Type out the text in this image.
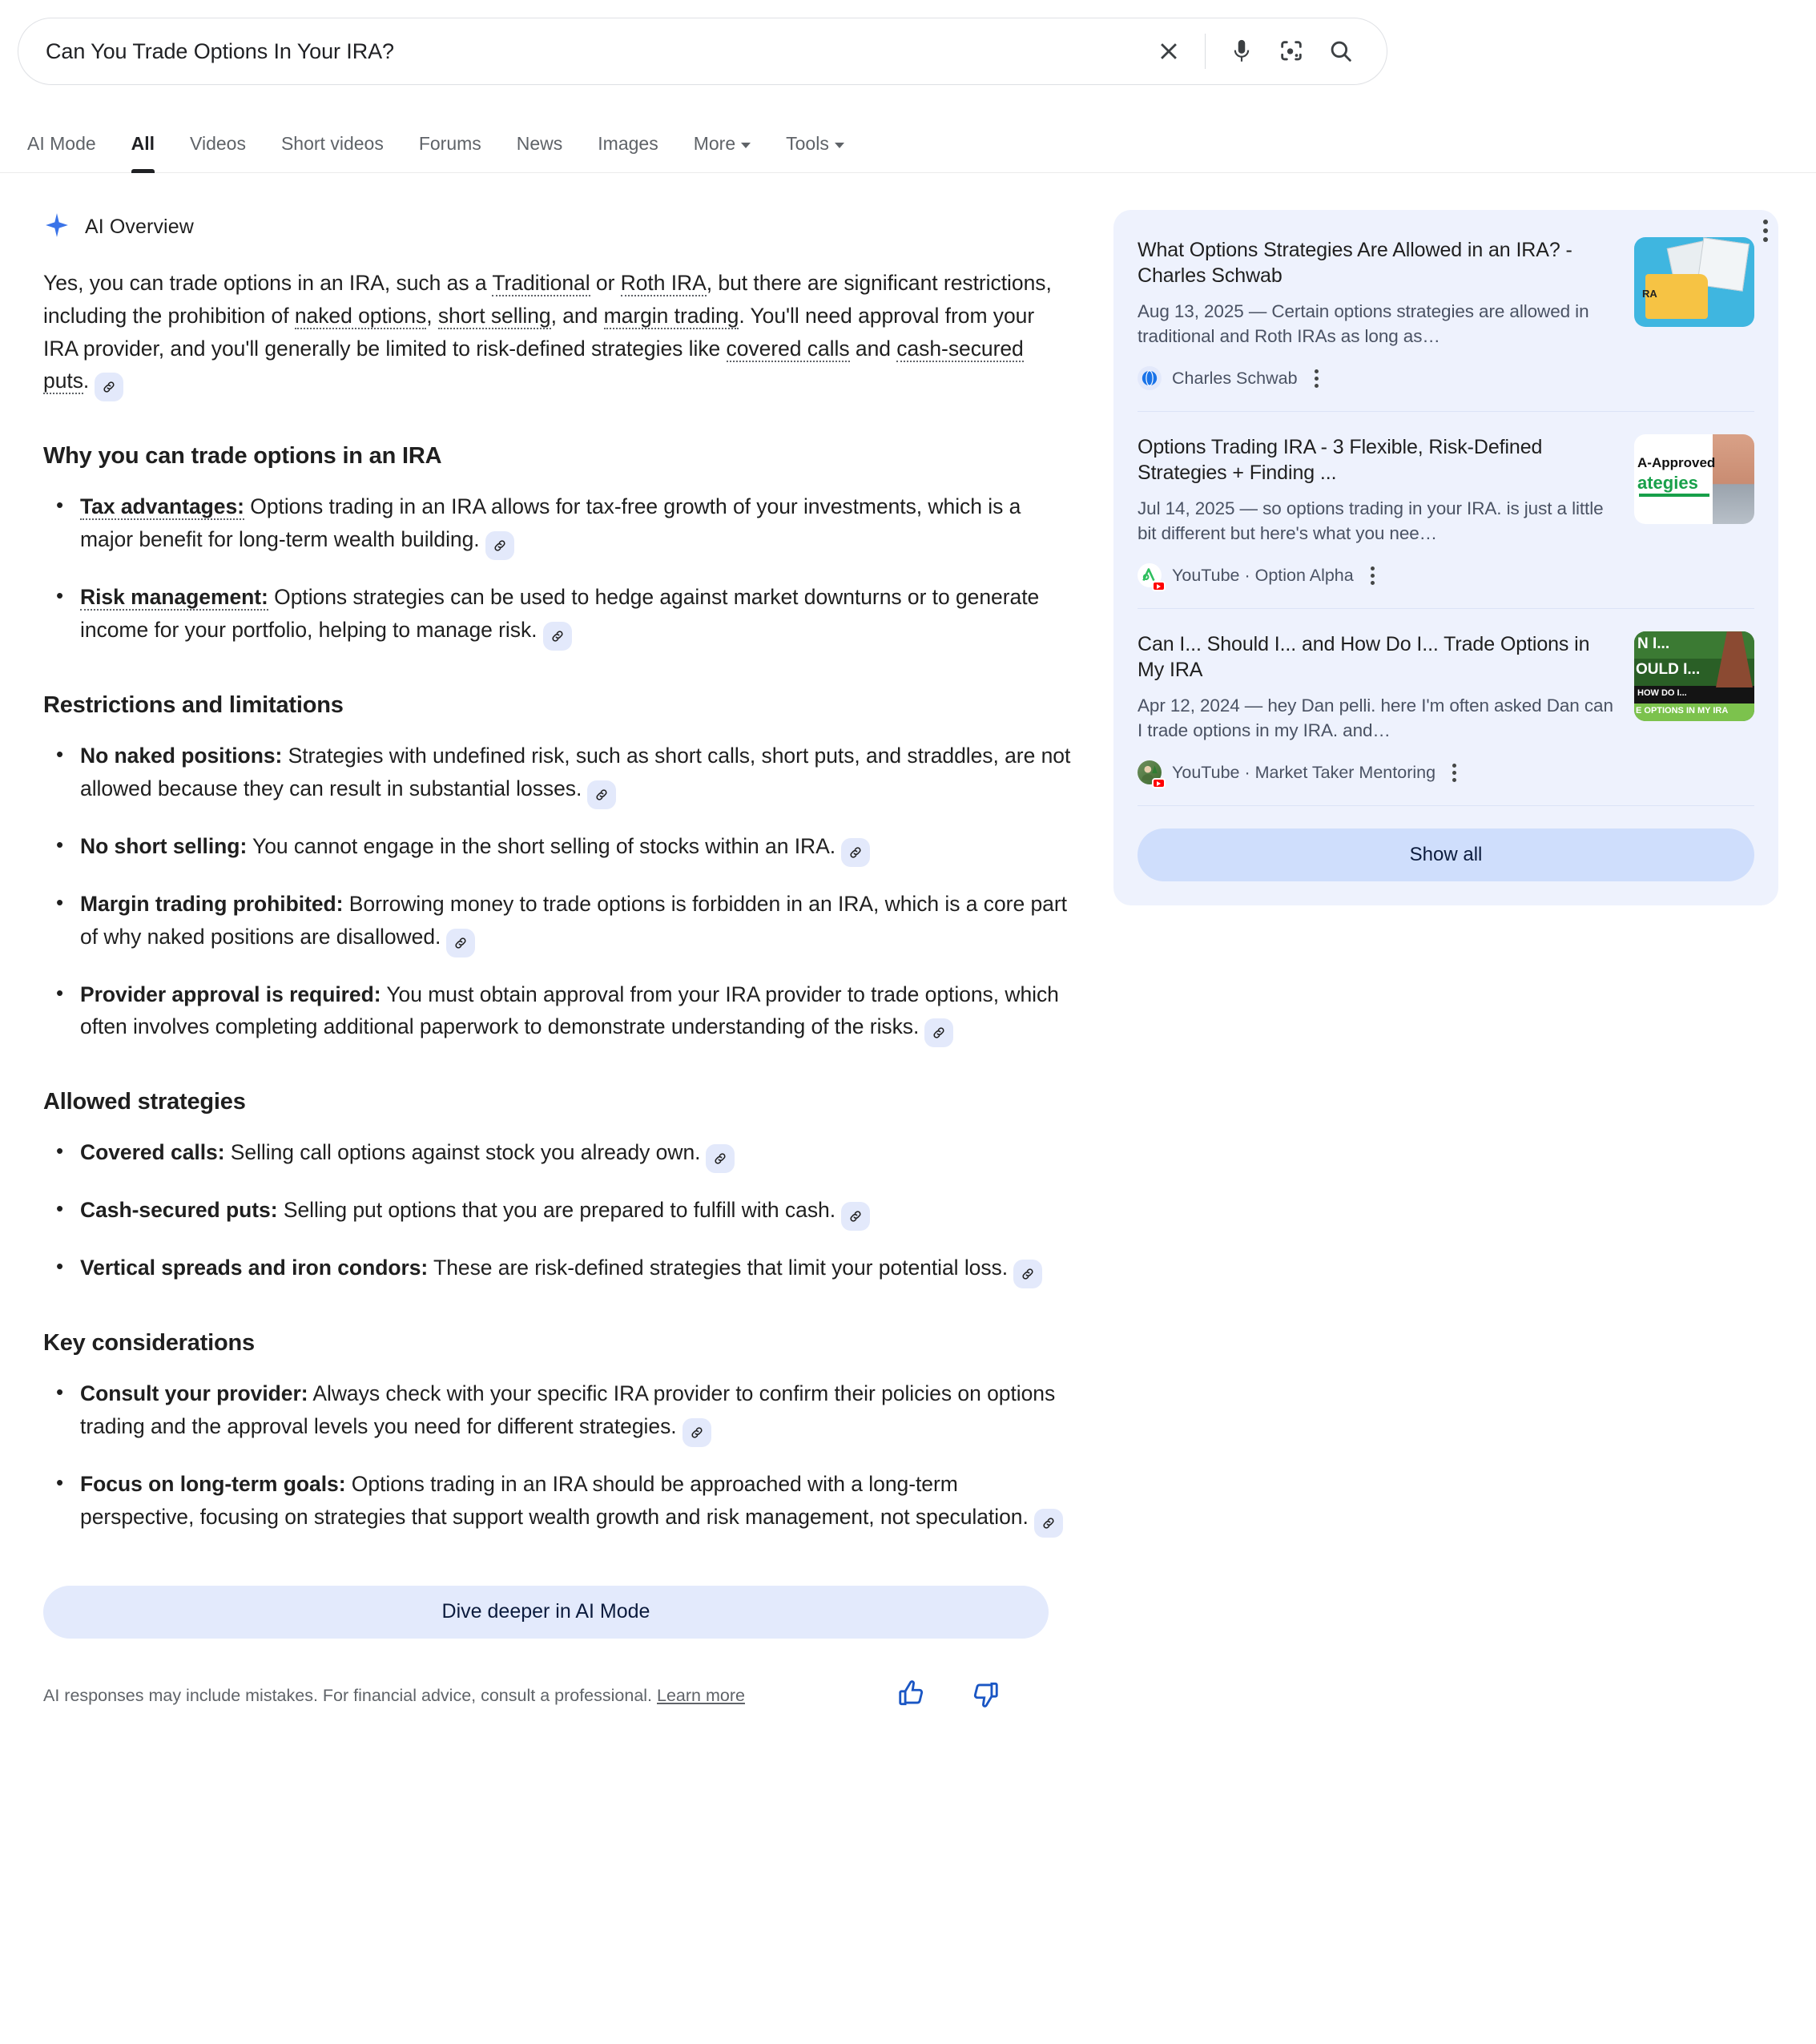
Can You Trade Options In Your IRA?
AI Mode All Videos Short videos Forums News Images More	Tools
AI Overview

Yes, you can trade options in an IRA, such as a Traditional or Roth IRA, but there are significant restrictions, including the prohibition of naked options, short selling, and margin trading. You'll need approval from your IRA provider, and you'll generally be limited to risk-defined strategies like covered calls and cash-secured puts.

Why you can trade options in an IRA
• Tax advantages: Options trading in an IRA allows for tax-free growth of your investments, which is a major benefit for long-term wealth building.
• Risk management: Options strategies can be used to hedge against market downturns or to generate income for your portfolio, helping to manage risk.
Restrictions and limitations
• No naked positions: Strategies with undefined risk, such as short calls, short puts, and straddles, are not allowed because they can result in substantial losses.
• No short selling: You cannot engage in the short selling of stocks within an IRA.
• Margin trading prohibited: Borrowing money to trade options is forbidden in an IRA, which is a core part of why naked positions are disallowed.
• Provider approval is required: You must obtain approval from your IRA provider to trade options, which often involves completing additional paperwork to demonstrate understanding of the risks.
Allowed strategies
• Covered calls: Selling call options against stock you already own.
• Cash-secured puts: Selling put options that you are prepared to fulfill with cash.
• Vertical spreads and iron condors: These are risk-defined strategies that limit your potential loss.
Key considerations
• Consult your provider: Always check with your specific IRA provider to confirm their policies on options trading and the approval levels you need for different strategies.
• Focus on long-term goals: Options trading in an IRA should be approached with a long-term perspective, focusing on strategies that support wealth growth and risk management, not speculation.
Dive deeper in AI Mode
AI responses may include mistakes. For financial advice, consult a professional. Learn more
What Options Strategies Are Allowed in an IRA? - Charles Schwab
Aug 13, 2025 — Certain options strategies are allowed in traditional and Roth IRAs as long as…
Charles Schwab
RA
Options Trading IRA - 3 Flexible, Risk-Defined Strategies + Finding ...
Jul 14, 2025 — so options trading in your IRA. is just a little bit different but here's what you nee…
YouTube · Option Alpha
A-Approved
ategies
Can I... Should I... and How Do I... Trade Options in My IRA
Apr 12, 2024 — hey Dan pelli. here I'm often asked Dan can I trade options in my IRA. and…
YouTube · Market Taker Mentoring
N I...
OULD I...
HOW DO I...
E OPTIONS IN MY IRA
Show all
